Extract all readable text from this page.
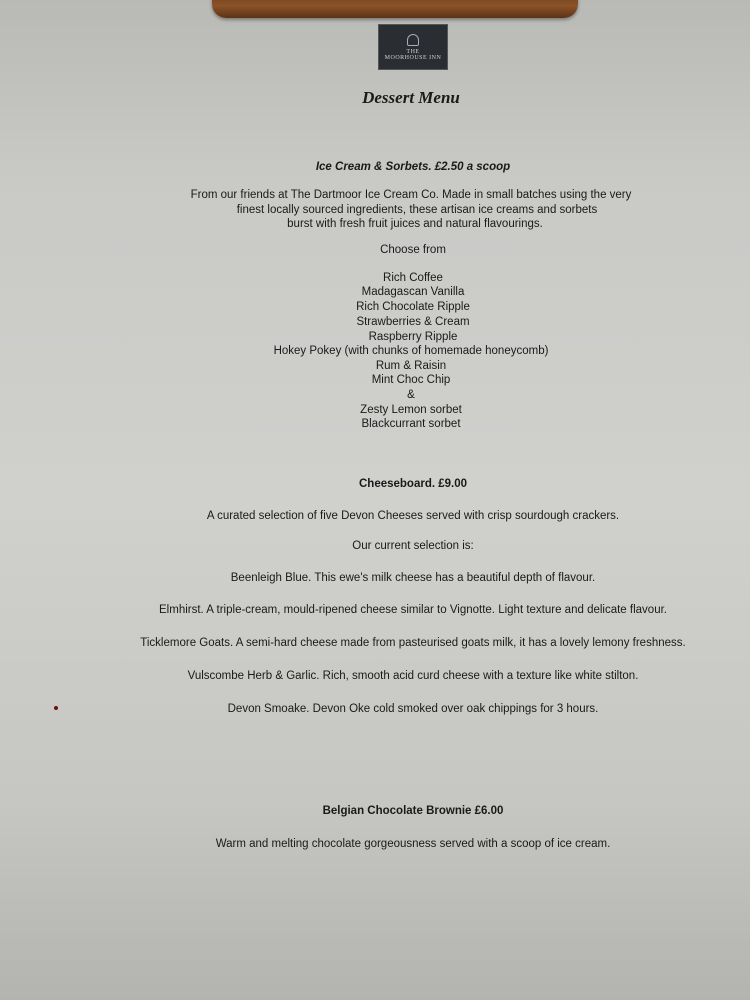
THE
MOORHOUSE INN
Dessert Menu
Ice Cream & Sorbets. £2.50 a scoop
From our friends at The Dartmoor Ice Cream Co. Made in small batches using the very
finest locally sourced ingredients, these artisan ice creams and sorbets
burst with fresh fruit juices and natural flavourings.
Choose from
Rich Coffee
Madagascan Vanilla
Rich Chocolate Ripple
Strawberries & Cream
Raspberry Ripple
Hokey Pokey (with chunks of homemade honeycomb)
Rum & Raisin
Mint Choc Chip
&
Zesty Lemon sorbet
Blackcurrant sorbet
Cheeseboard. £9.00
A curated selection of five Devon Cheeses served with crisp sourdough crackers.
Our current selection is:
Beenleigh Blue. This ewe's milk cheese has a beautiful depth of flavour.
Elmhirst. A triple-cream, mould-ripened cheese similar to Vignotte. Light texture and delicate flavour.
Ticklemore Goats. A semi-hard cheese made from pasteurised goats milk, it has a lovely lemony freshness.
Vulscombe Herb & Garlic. Rich, smooth acid curd cheese with a texture like white stilton.
Devon Smoake. Devon Oke cold smoked over oak chippings for 3 hours.
Belgian Chocolate Brownie £6.00
Warm and melting chocolate gorgeousness served with a scoop of ice cream.
